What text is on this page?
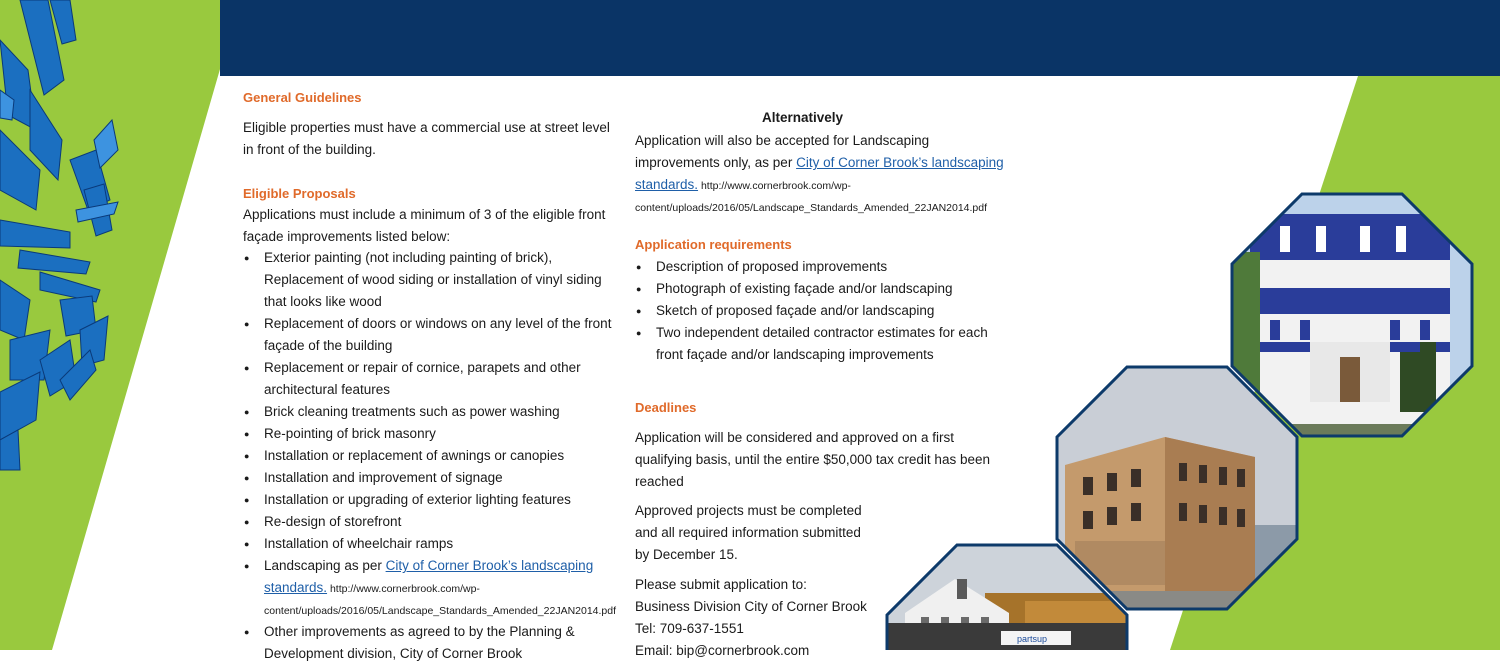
General Guidelines
Eligible properties must have a commercial use at street level in front of the building.
Eligible Proposals
Applications must include a minimum of 3 of the eligible front façade improvements listed below:
● Exterior painting (not including painting of brick), Replacement of wood siding or installation of vinyl siding that looks like wood
● Replacement of doors or windows on any level of the front façade of the building
● Replacement or repair of cornice, parapets and other architectural features
● Brick cleaning treatments such as power washing
● Re-pointing of brick masonry
● Installation or replacement of awnings or canopies
● Installation and improvement of signage
● Installation or upgrading of exterior lighting features
● Re-design of storefront
● Installation of wheelchair ramps
● Landscaping as per City of Corner Brook’s landscaping standards. http://www.cornerbrook.com/wp-content/uploads/2016/05/Landscape_Standards_Amended_22JAN2014.pdf
● Other improvements as agreed to by the Planning & Development division, City of Corner Brook
Alternatively
Application will also be accepted for Landscaping improvements only, as per City of Corner Brook’s landscaping standards. http://www.cornerbrook.com/wp-content/uploads/2016/05/Landscape_Standards_Amended_22JAN2014.pdf
Application requirements
● Description of proposed improvements
● Photograph of existing façade and/or landscaping
● Sketch of proposed façade and/or landscaping
● Two independent detailed contractor estimates for each front façade and/or landscaping improvements
Deadlines
Application will be considered and approved on a first qualifying basis, until the entire $50,000 tax credit has been reached
Approved projects must be completed and all required information submitted by December 15.
Please submit application to:
Business Division City of Corner Brook
Tel: 709-637-1551
Email: bip@cornerbrook.com
partsup
